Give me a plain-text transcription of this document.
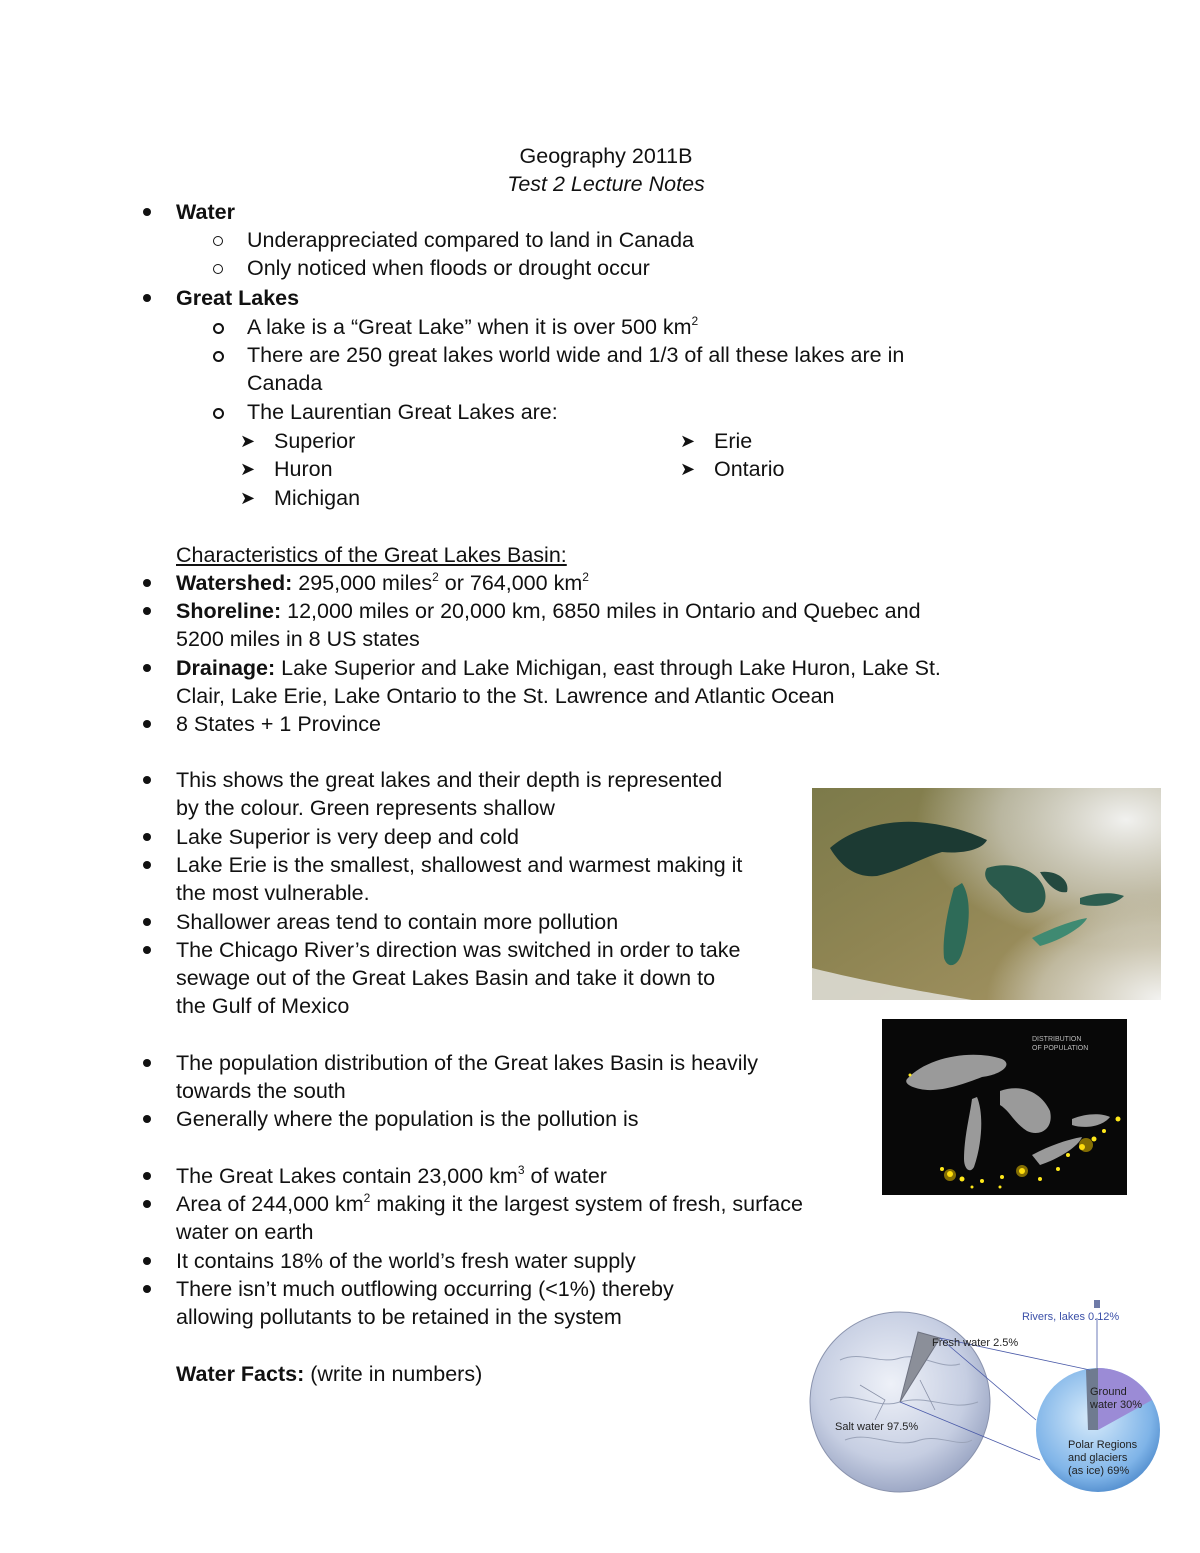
Geography 2011B
Test 2 Lecture Notes
Water
Underappreciated compared to land in Canada
Only noticed when floods or drought occur
Great Lakes
A lake is a “Great Lake” when it is over 500 $km^2$
There are 250 great lakes world wide and 1/3 of all these lakes are in
Canada
The Laurentian Great Lakes are:
➤ Superior
➤ Huron
➤ Michigan
➤ Erie
➤ Ontario
Characteristics of the Great Lakes Basin:
Watershed: 295,000 miles$^2$ or 764,000 $km^2$
Shoreline: 12,000 miles or 20,000 km, 6850 miles in Ontario and Quebec and
5200 miles in 8 US states
Drainage: Lake Superior and Lake Michigan, east through Lake Huron, Lake St.
Clair, Lake Erie, Lake Ontario to the St. Lawrence and Atlantic Ocean
8 States + 1 Province
This shows the great lakes and their depth is represented
by the colour. Green represents shallow
Lake Superior is very deep and cold
Lake Erie is the smallest, shallowest and warmest making it
the most vulnerable.
Shallower areas tend to contain more pollution
The Chicago River’s direction was switched in order to take
sewage out of the Great Lakes Basin and take it down to
the Gulf of Mexico
The population distribution of the Great lakes Basin is heavily
towards the south
Generally where the population is the pollution is
The Great Lakes contain 23,000 $km^3$ of water
Area of 244,000 $km^2$ making it the largest system of fresh, surface
water on earth
It contains 18% of the world’s fresh water supply
There isn’t much outflowing occurring (<1%) thereby
allowing pollutants to be retained in the system
Water Facts: (write in numbers)
DISTRIBUTION
OF POPULATION
Rivers, lakes 0.12%
Fresh water 2.5%
Salt water 97.5%
Ground
water 30%
Polar Regions
and glaciers
(as ice) 69%
